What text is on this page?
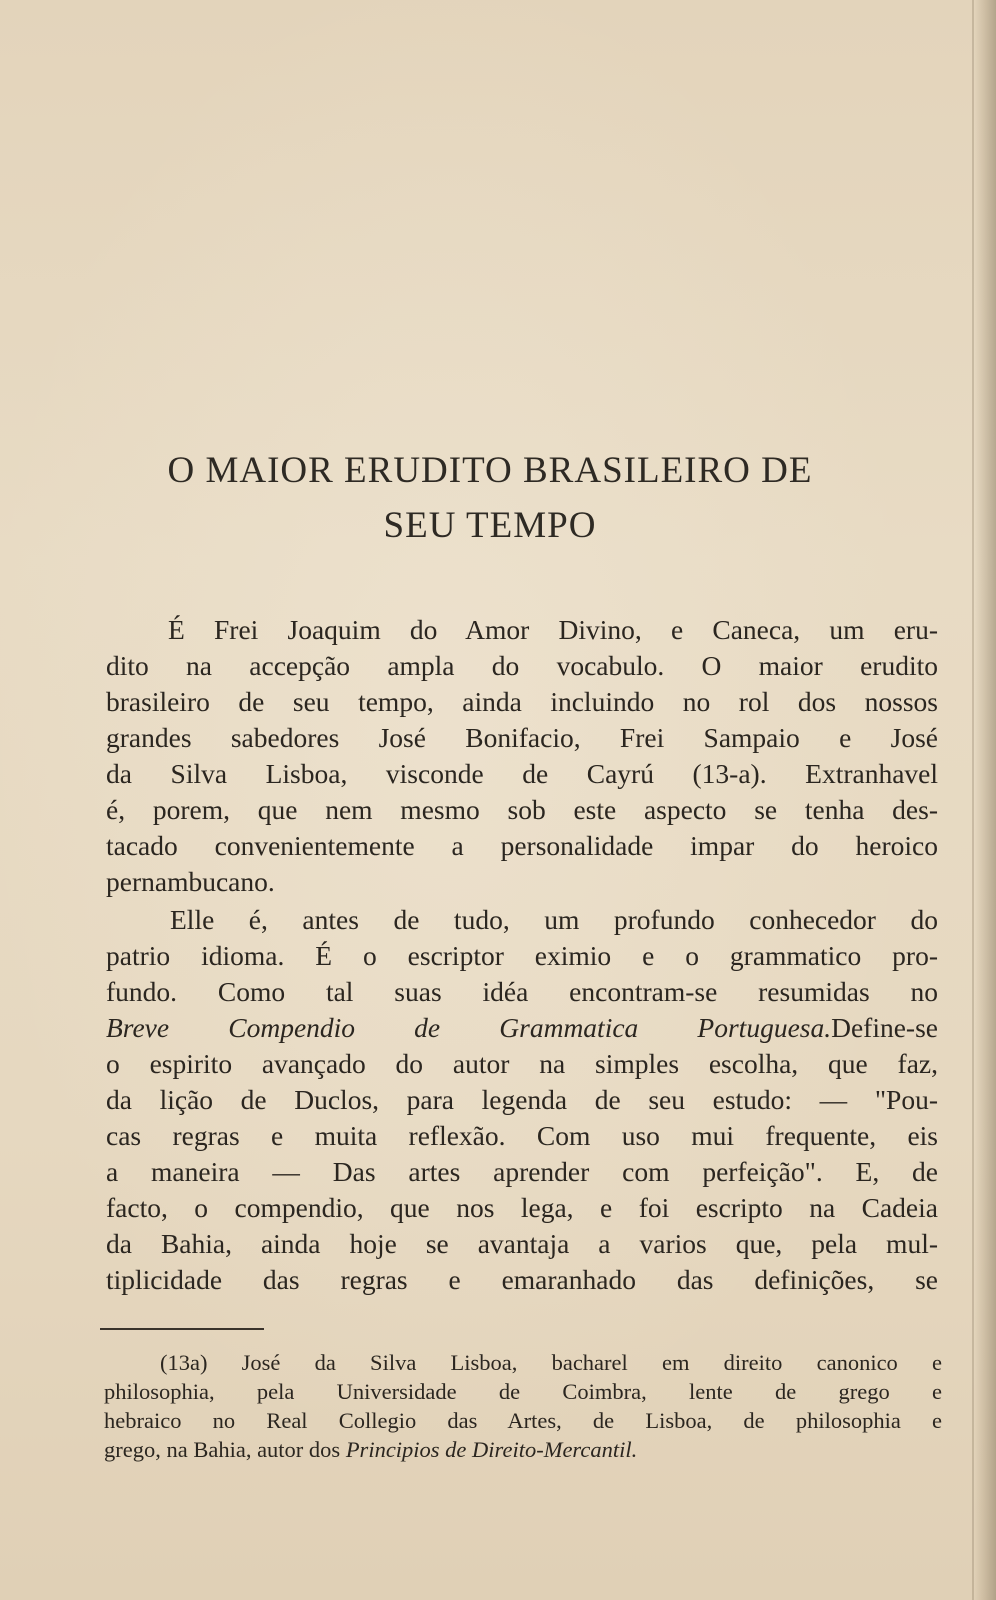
O MAIOR ERUDITO BRASILEIRO DE
SEU TEMPO

É Frei Joaquim do Amor Divino, e Caneca, um eru-

dito na accepção ampla do vocabulo. O maior erudito

brasileiro de seu tempo, ainda incluindo no rol dos nossos

grandes sabedores José Bonifacio, Frei Sampaio e José

da Silva Lisboa, visconde de Cayrú (13-a). Extranhavel

é, porem, que nem mesmo sob este aspecto se tenha des-

tacado convenientemente a personalidade impar do heroico

pernambucano.

Elle é, antes de tudo, um profundo conhecedor do

patrio idioma. É o escriptor eximio e o grammatico pro-

fundo. Como tal suas idéa encontram-se resumidas no

Breve Compendio de Grammatica Portuguesa. Define-se

o espirito avançado do autor na simples escolha, que faz,

da lição de Duclos, para legenda de seu estudo: — "Pou-

cas regras e muita reflexão. Com uso mui frequente, eis

a maneira — Das artes aprender com perfeição". E, de

facto, o compendio, que nos lega, e foi escripto na Cadeia

da Bahia, ainda hoje se avantaja a varios que, pela mul-

tiplicidade das regras e emaranhado das definições, se

(13a) José da Silva Lisboa, bacharel em direito canonico e

philosophia, pela Universidade de Coimbra, lente de grego e

hebraico no Real Collegio das Artes, de Lisboa, de philosophia e

grego, na Bahia, autor dos Principios de Direito-Mercantil.
